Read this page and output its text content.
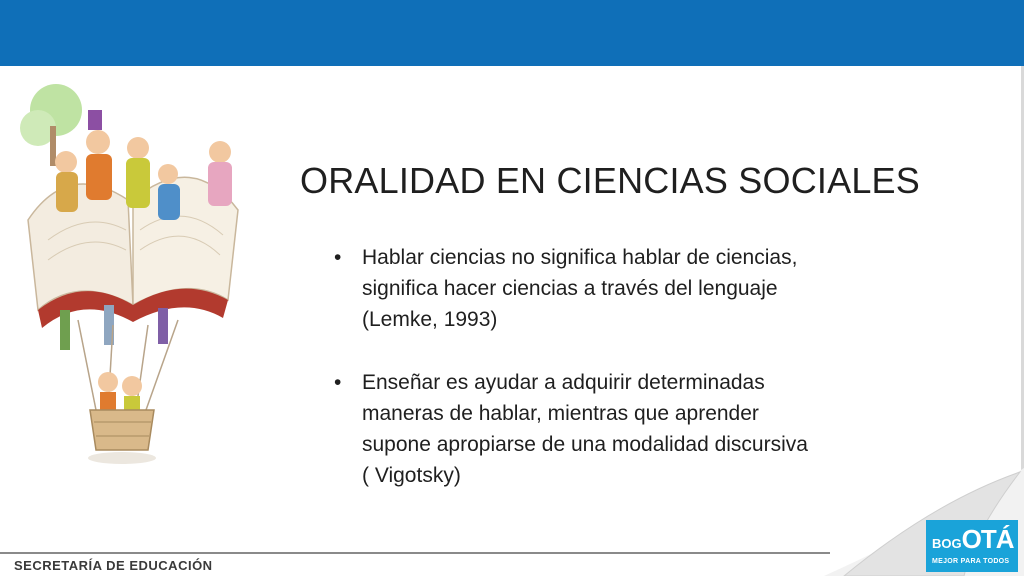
ORALIDAD EN CIENCIAS SOCIALES
• Hablar ciencias no significa hablar de ciencias,
significa hacer ciencias a través del lenguaje
(Lemke, 1993)
• Enseñar es ayudar a adquirir determinadas
maneras de hablar, mientras que aprender
supone apropiarse de una modalidad discursiva
( Vigotsky)
SECRETARÍA DE EDUCACIÓN
BOGOTÁ
MEJOR PARA TODOS
